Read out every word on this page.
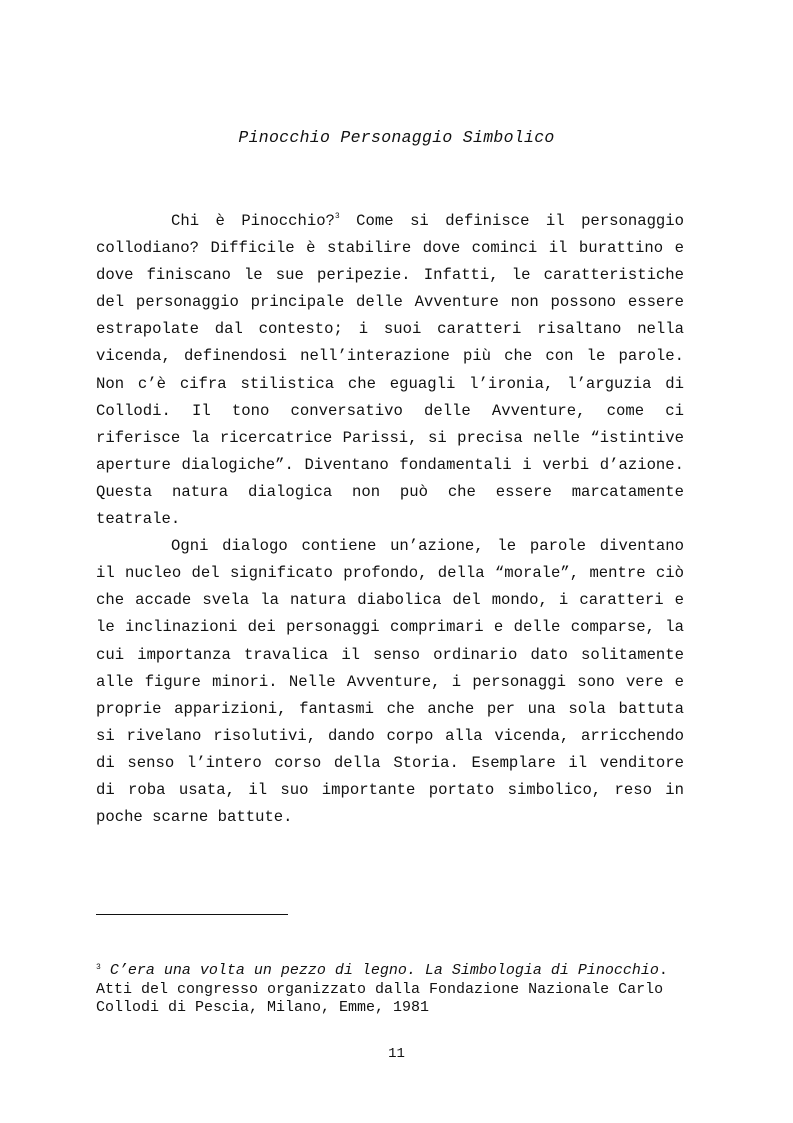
Pinocchio Personaggio Simbolico

Chi è Pinocchio?$^3$ Come si definisce il personaggio collodiano? Difficile è stabilire dove cominci il burattino e dove finiscano le sue peripezie. Infatti, le caratteristiche del personaggio principale delle Avventure non possono essere estrapolate dal contesto; i suoi caratteri risaltano nella vicenda, definendosi nell’interazione più che con le parole. Non c’è cifra stilistica che eguagli l’ironia, l’arguzia di Collodi. Il tono conversativo delle Avventure, come ci riferisce la ricercatrice Parissi, si precisa nelle “istintive aperture dialogiche”. Diventano fondamentali i verbi d’azione. Questa natura dialogica non può che essere marcatamente teatrale.

Ogni dialogo contiene un’azione, le parole diventano il nucleo del significato profondo, della “morale”, mentre ciò che accade svela la natura diabolica del mondo, i caratteri e le inclinazioni dei personaggi comprimari e delle comparse, la cui importanza travalica il senso ordinario dato solitamente alle figure minori. Nelle Avventure, i personaggi sono vere e proprie apparizioni, fantasmi che anche per una sola battuta si rivelano risolutivi, dando corpo alla vicenda, arricchendo di senso l’intero corso della Storia. Esemplare il venditore di roba usata, il suo importante portato simbolico, reso in poche scarne battute.

$^3$ C’era una volta un pezzo di legno. La Simbologia di Pinocchio. Atti del congresso organizzato dalla Fondazione Nazionale Carlo Collodi di Pescia, Milano, Emme, 1981

11
